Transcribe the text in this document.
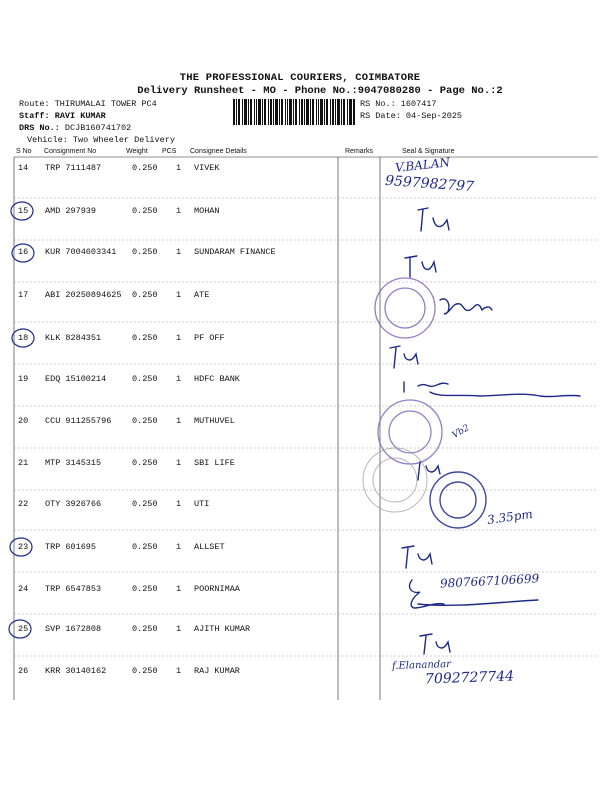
THE PROFESSIONAL COURIERS, COIMBATORE
Delivery Runsheet - MO - Phone No.:9047080280 - Page No.:2
Route: THIRUMALAI TOWER PC4
Staff: RAVI KUMAR
DRS No.: DCJB160741702
Vehicle: Two Wheeler Delivery
RS No.: 1607417
RS Date: 04-Sep-2025
S No Consignment No	Weight PCS Consignee Details	Remarks	Seal & Signature
14 TRP 7111487	0.250 1 VIVEK
15 AMD 297939	0.250 1 MOHAN
16 KUR 7004603341 0.250 1 SUNDARAM FINANCE
17 ABI 20250894625 0.250 1 ATE
18 KLK 8284351	0.250 1 PF OFF
19 EDQ 15100214	0.250 1 HDFC BANK
20 CCU 911255796 0.250 1 MUTHUVEL
21 MTP 3145315	0.250 1 SBI LIFE
22 OTY 3926766	0.250 1 UTI
23 TRP 601695	0.250 1 ALLSET
24 TRP 6547853	0.250 1 POORNIMAA
25 SVP 1672808	0.250 1 AJITH KUMAR
26 KRR 30140162	0.250 1 RAJ KUMAR
V.BALAN
9597982797
Vb2
3.35pm
9807667106699
f.Elanandar
7092727744
